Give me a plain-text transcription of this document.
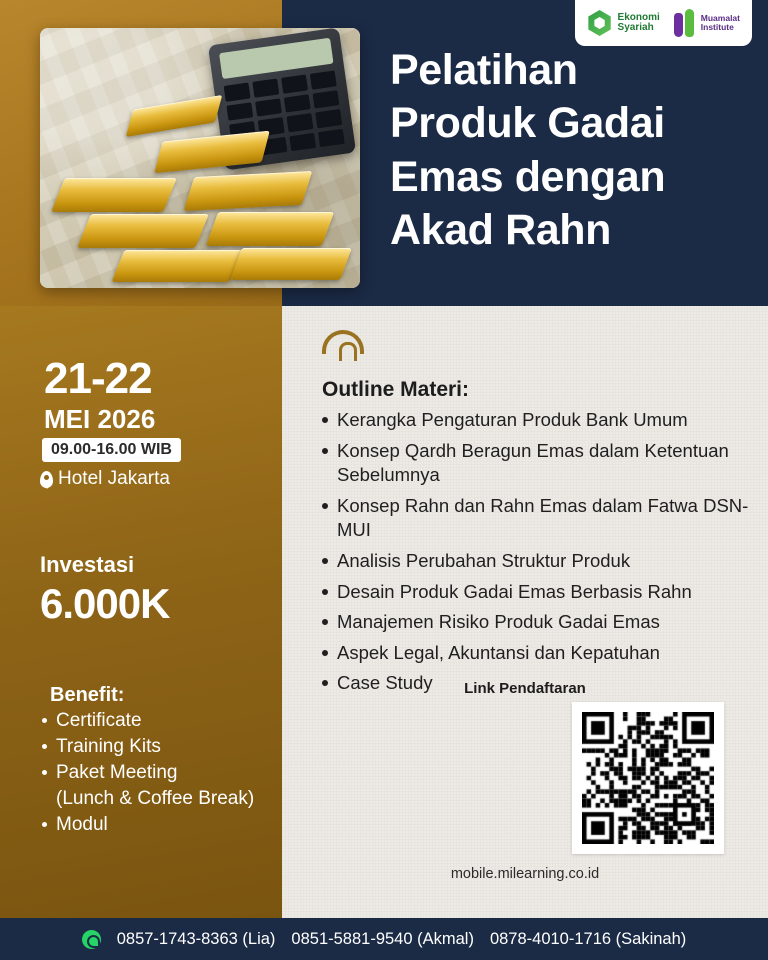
Ekonomi
Syariah
Muamalat
Institute
Pelatihan
Produk Gadai
Emas dengan
Akad Rahn
21-22
MEI 2026
09.00-16.00 WIB
Hotel Jakarta
Investasi
6.000K
Benefit:
Certificate
Training Kits
Paket Meeting
(Lunch & Coffee Break)
Modul
Outline Materi:
Kerangka Pengaturan Produk Bank Umum
Konsep Qardh Beragun Emas dalam Ketentuan Sebelumnya
Konsep Rahn dan Rahn Emas dalam Fatwa DSN-MUI
Analisis Perubahan Struktur Produk
Desain Produk Gadai Emas Berbasis Rahn
Manajemen Risiko Produk Gadai Emas
Aspek Legal, Akuntansi dan Kepatuhan
Case Study	Link Pendaftaran
mobile.milearning.co.id
0857-1743-8363 (Lia) 0851-5881-9540 (Akmal) 0878-4010-1716 (Sakinah)
